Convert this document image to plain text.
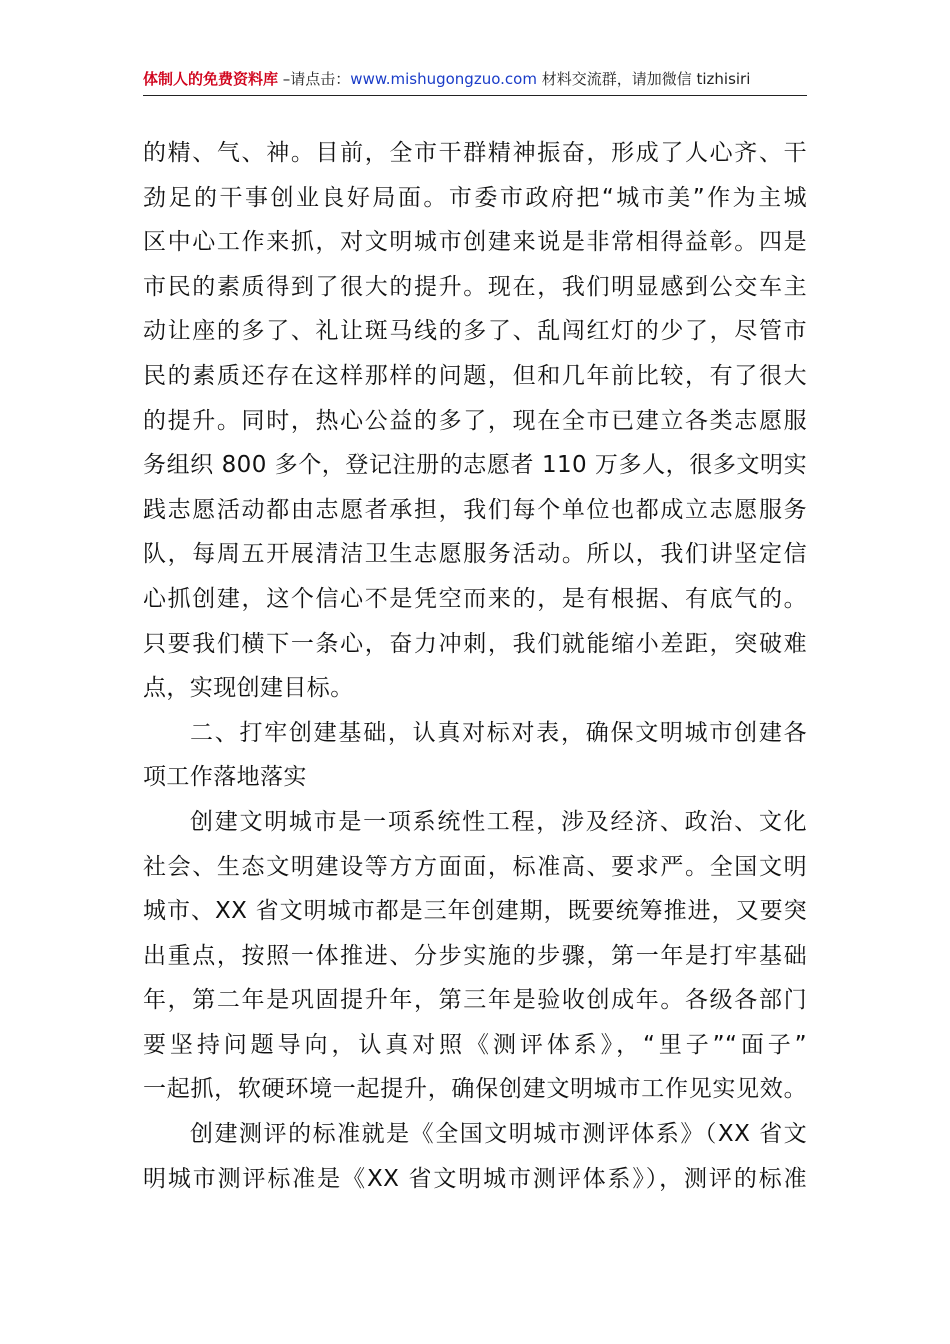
体制人的免费资料库 –请点击：www.mishugongzuo.com 材料交流群，请加微信 tizhisiri
的精、气、神。目前，全市干群精神振奋，形成了人心齐、干
劲足的干事创业良好局面。市委市政府把“城市美”作为主城
区中心工作来抓，对文明城市创建来说是非常相得益彰。四是
市民的素质得到了很大的提升。现在，我们明显感到公交车主
动让座的多了、礼让斑马线的多了、乱闯红灯的少了，尽管市
民的素质还存在这样那样的问题，但和几年前比较，有了很大
的提升。同时，热心公益的多了，现在全市已建立各类志愿服
务组织 800 多个，登记注册的志愿者 110 万多人，很多文明实
践志愿活动都由志愿者承担，我们每个单位也都成立志愿服务
队，每周五开展清洁卫生志愿服务活动。所以，我们讲坚定信
心抓创建，这个信心不是凭空而来的，是有根据、有底气的。
只要我们横下一条心，奋力冲刺，我们就能缩小差距，突破难
点，实现创建目标。
二、打牢创建基础，认真对标对表，确保文明城市创建各
项工作落地落实
创建文明城市是一项系统性工程，涉及经济、政治、文化
社会、生态文明建设等方方面面，标准高、要求严。全国文明
城市、XX 省文明城市都是三年创建期，既要统筹推进，又要突
出重点，按照一体推进、分步实施的步骤，第一年是打牢基础
年，第二年是巩固提升年，第三年是验收创成年。各级各部门
要坚持问题导向，认真对照《测评体系》，“里子”“面子”
一起抓，软硬环境一起提升，确保创建文明城市工作见实见效。
创建测评的标准就是《全国文明城市测评体系》（XX 省文
明城市测评标准是《XX 省文明城市测评体系》），测评的标准
